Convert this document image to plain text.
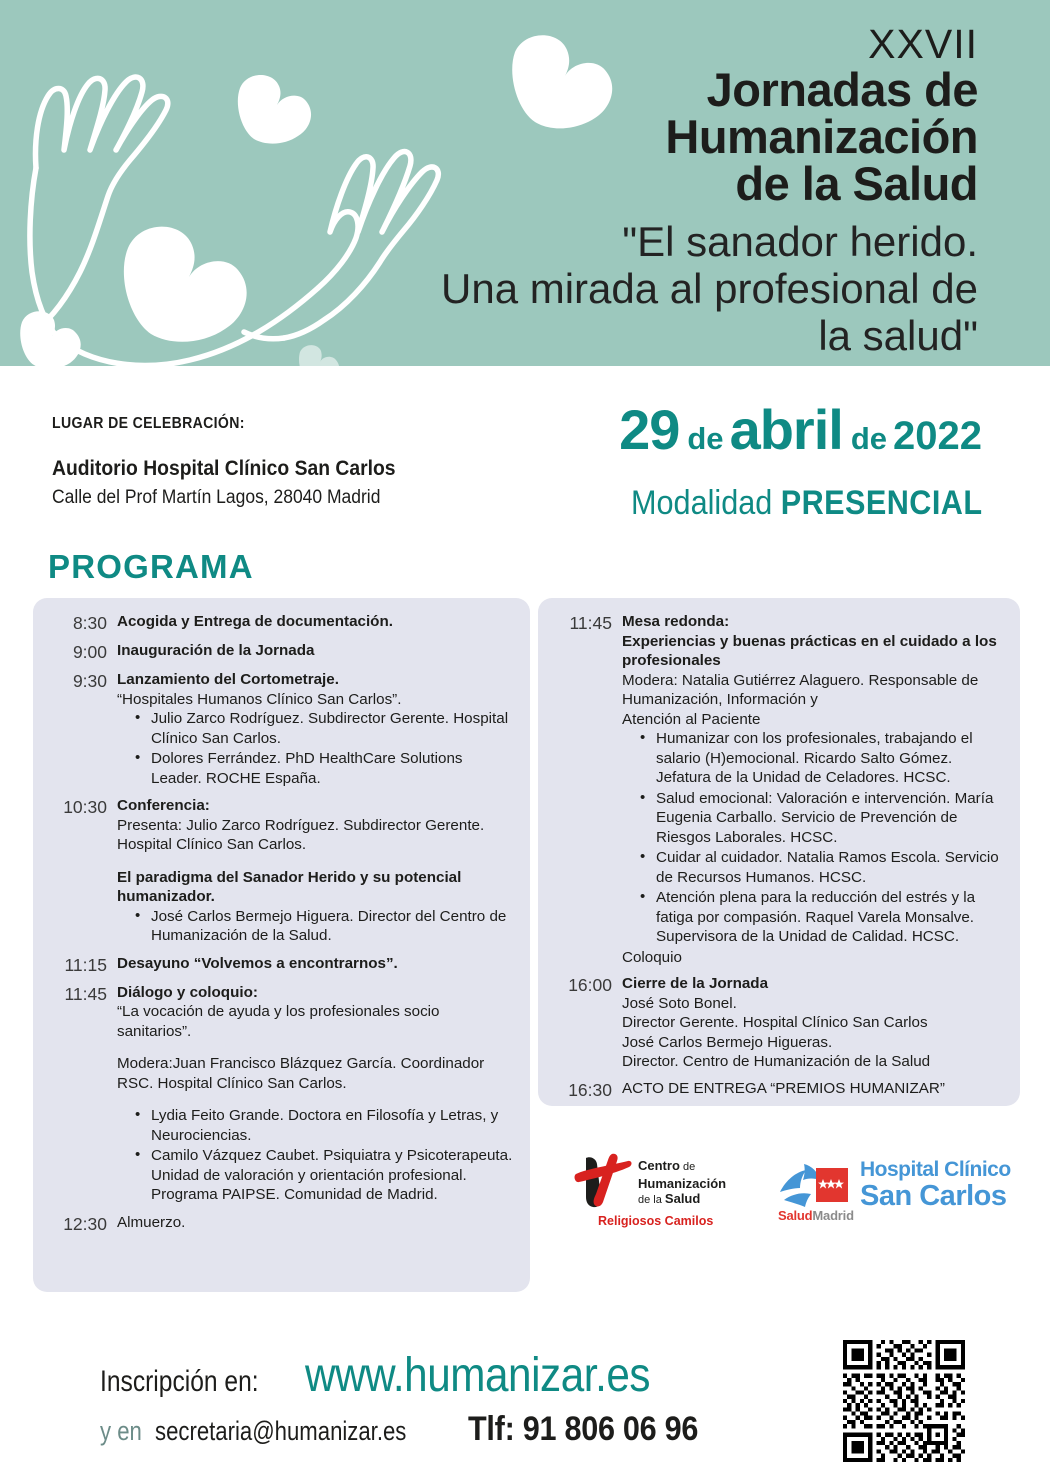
XXVII
Jornadas de
Humanización
de la Salud
"El sanador herido.
Una mirada al profesional de
la salud"
LUGAR DE CELEBRACIÓN:
Auditorio Hospital Clínico San Carlos
Calle del Prof Martín Lagos, 28040 Madrid
29 de abril de 2022
Modalidad PRESENCIAL
PROGRAMA
8:30 Acogida y Entrega de documentación.
9:00 Inauguración de la Jornada
9:30 Lanzamiento del Cortometraje.
“Hospitales Humanos Clínico San Carlos”.
• Julio Zarco Rodríguez. Subdirector Gerente. Hospital Clínico San Carlos.
• Dolores Ferrández. PhD HealthCare Solutions Leader. ROCHE España.
10:30 Conferencia:
Presenta: Julio Zarco Rodríguez. Subdirector Gerente. Hospital Clínico San Carlos.
El paradigma del Sanador Herido y su potencial humanizador.
• José Carlos Bermejo Higuera. Director del Centro de Humanización de la Salud.
11:15 Desayuno “Volvemos a encontrarnos”.
11:45 Diálogo y coloquio:
“La vocación de ayuda y los profesionales socio sanitarios”.
Modera:Juan Francisco Blázquez García. Coordinador RSC. Hospital Clínico San Carlos.
• Lydia Feito Grande. Doctora en Filosofía y Letras, y Neurociencias.
• Camilo Vázquez Caubet. Psiquiatra y Psicoterapeuta. Unidad de valoración y orientación profesional. Programa PAIPSE. Comunidad de Madrid.
12:30 Almuerzo.
11:45 Mesa redonda:
Experiencias y buenas prácticas en el cuidado a los profesionales
Modera: Natalia Gutiérrez Alaguero. Responsable de Humanización, Información y
Atención al Paciente
• Humanizar con los profesionales, trabajando el salario (H)emocional. Ricardo Salto Gómez. Jefatura de la Unidad de Celadores. HCSC.
• Salud emocional: Valoración e intervención. María Eugenia Carballo. Servicio de Prevención de Riesgos Laborales. HCSC.
• Cuidar al cuidador. Natalia Ramos Escola. Servicio de Recursos Humanos. HCSC.
• Atención plena para la reducción del estrés y la fatiga por compasión. Raquel Varela Monsalve. Supervisora de la Unidad de Calidad. HCSC.
Coloquio
16:00 Cierre de la Jornada
José Soto Bonel.
Director Gerente. Hospital Clínico San Carlos
José Carlos Bermejo Higueras.
Director. Centro de Humanización de la Salud
16:30 ACTO DE ENTREGA “PREMIOS HUMANIZAR”
Centro de
Humanización
de la Salud
Religiosos Camilos	SaludMadrid
Hospital Clínico
San Carlos
Inscripción en: www.humanizar.es
y en secretaria@humanizar.es Tlf: 91 806 06 96
